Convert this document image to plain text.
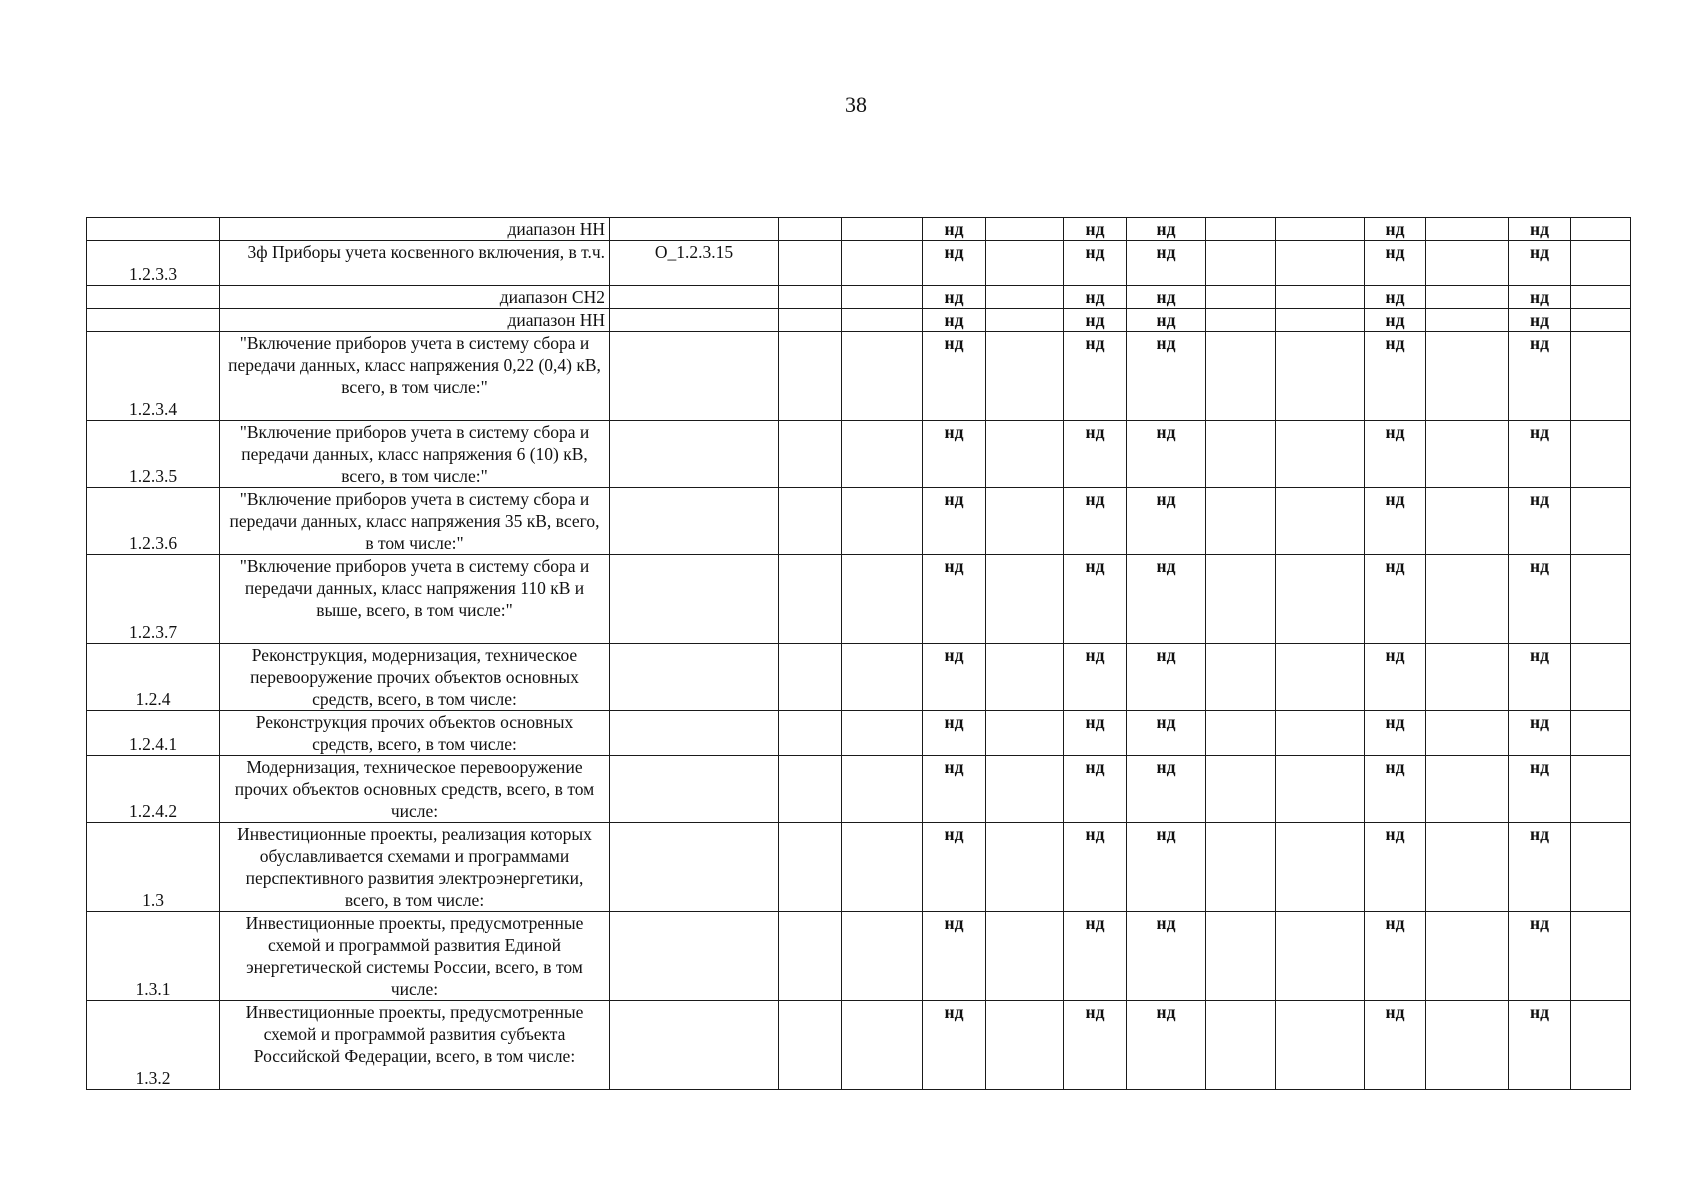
38
	диапазон НН				нд		нд	нд			нд		нд	
1.2.3.3	3ф Приборы учета косвенного включения, в т.ч.	О_1.2.3.15			нд		нд	нд			нд		нд	
	диапазон СН2				нд		нд	нд			нд		нд	
	диапазон НН				нд		нд	нд			нд		нд	
1.2.3.4	"Включение приборов учета в систему сбора и передачи данных, класс напряжения 0,22 (0,4) кВ, всего, в том числе:"				нд		нд	нд			нд		нд	
1.2.3.5	"Включение приборов учета в систему сбора и передачи данных, класс напряжения 6 (10) кВ, всего, в том числе:"				нд		нд	нд			нд		нд	
1.2.3.6	"Включение приборов учета в систему сбора и передачи данных, класс напряжения 35 кВ, всего, в том числе:"				нд		нд	нд			нд		нд	
1.2.3.7	"Включение приборов учета в систему сбора и передачи данных, класс напряжения 110 кВ и выше, всего, в том числе:"				нд		нд	нд			нд		нд	
1.2.4	Реконструкция, модернизация, техническое перевооружение прочих объектов основных средств, всего, в том числе:				нд		нд	нд			нд		нд	
1.2.4.1	Реконструкция прочих объектов основных средств, всего, в том числе:				нд		нд	нд			нд		нд	
1.2.4.2	Модернизация, техническое перевооружение прочих объектов основных средств, всего, в том числе:				нд		нд	нд			нд		нд	
1.3	Инвестиционные проекты, реализация которых обуславливается схемами и программами перспективного развития электроэнергетики, всего, в том числе:				нд		нд	нд			нд		нд	
1.3.1	Инвестиционные проекты, предусмотренные схемой и программой развития Единой энергетической системы России, всего, в том числе:				нд		нд	нд			нд		нд	
1.3.2	Инвестиционные проекты, предусмотренные схемой и программой развития субъекта Российской Федерации, всего, в том числе:				нд		нд	нд			нд		нд	
